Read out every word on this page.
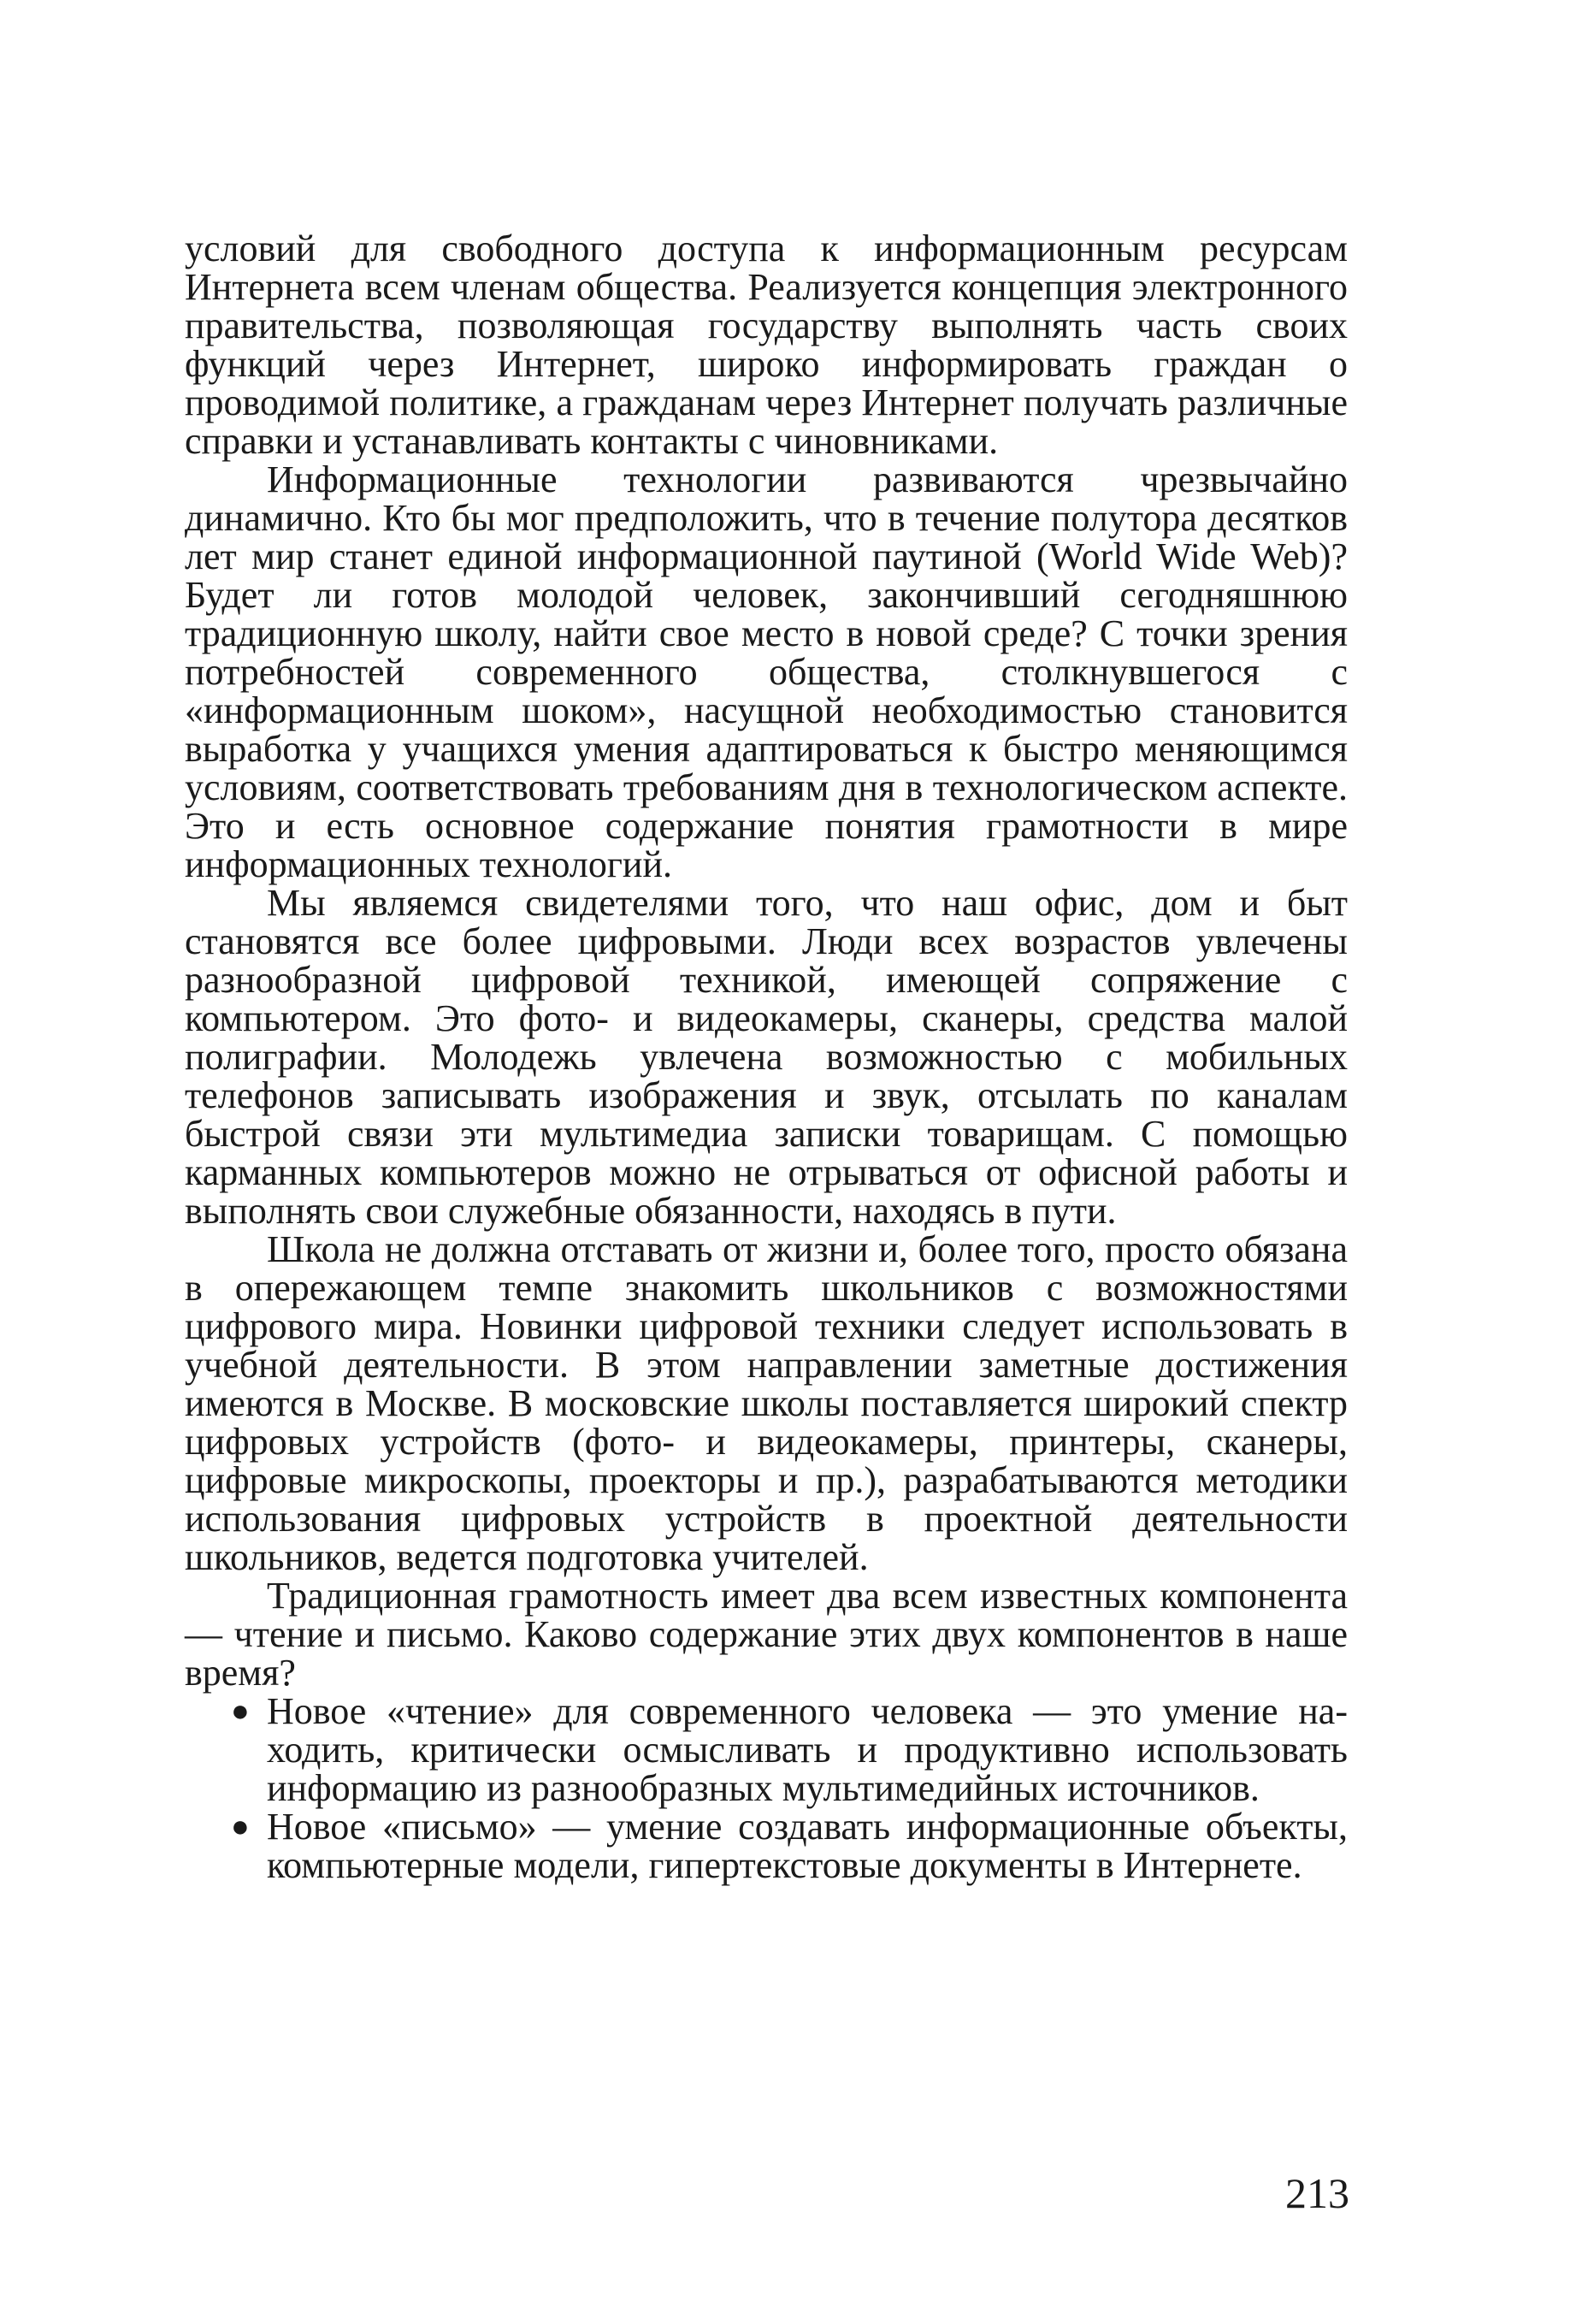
условий для свободного доступа к информационным ресурсам Интернета всем членам общества. Реализуется концепция электронного правительства, позволяющая государству выполнять часть своих функций через Интернет, широко информировать граждан о проводимой политике, а гражданам через Интернет получать различные справки и устанавливать контакты с чиновниками.

Информационные технологии развиваются чрезвычайно динамично. Кто бы мог предположить, что в течение полутора десятков лет мир станет единой информационной паутиной (World Wide Web)? Будет ли готов молодой человек, закончивший сегодняшнюю традиционную школу, найти свое место в новой среде? С точки зрения потребностей современного общества, столкнувшегося с «информационным шоком», насущной необходимостью становится выработка у учащихся умения адаптироваться к быстро меняющимся условиям, соответствовать требованиям дня в технологическом аспекте. Это и есть основное содержание понятия грамотности в мире информационных технологий.

Мы являемся свидетелями того, что наш офис, дом и быт становятся все более цифровыми. Люди всех возрастов увлечены разнообразной цифровой техникой, имеющей сопряжение с компьютером. Это фото- и видеокамеры, сканеры, средства малой полиграфии. Молодежь увлечена возможностью с мобильных телефонов записывать изображения и звук, отсылать по каналам быстрой связи эти мультимедиа записки товарищам. С помощью карманных компьютеров можно не отрываться от офисной работы и выполнять свои служебные обязанности, находясь в пути.

Школа не должна отставать от жизни и, более того, просто обязана в опережающем темпе знакомить школьников с возможностями цифрового мира. Новинки цифровой техники следует использовать в учебной деятельности. В этом направлении заметные достижения имеются в Москве. В московские школы поставляется широкий спектр цифровых устройств (фото- и видеокамеры, принтеры, сканеры, цифровые микроскопы, проекторы и пр.), разрабатываются методики использования цифровых устройств в проектной деятельности школьников, ведется подготовка учителей.

Традиционная грамотность имеет два всем известных компонента — чтение и письмо. Каково содержание этих двух компонентов в наше время?

● Новое «чтение» для современного человека — это умение находить, критически осмысливать и продуктивно использовать информацию из разнообразных мультимедийных источников.
● Новое «письмо» — умение создавать информационные объекты, компьютерные модели, гипертекстовые документы в Интернете.
213
